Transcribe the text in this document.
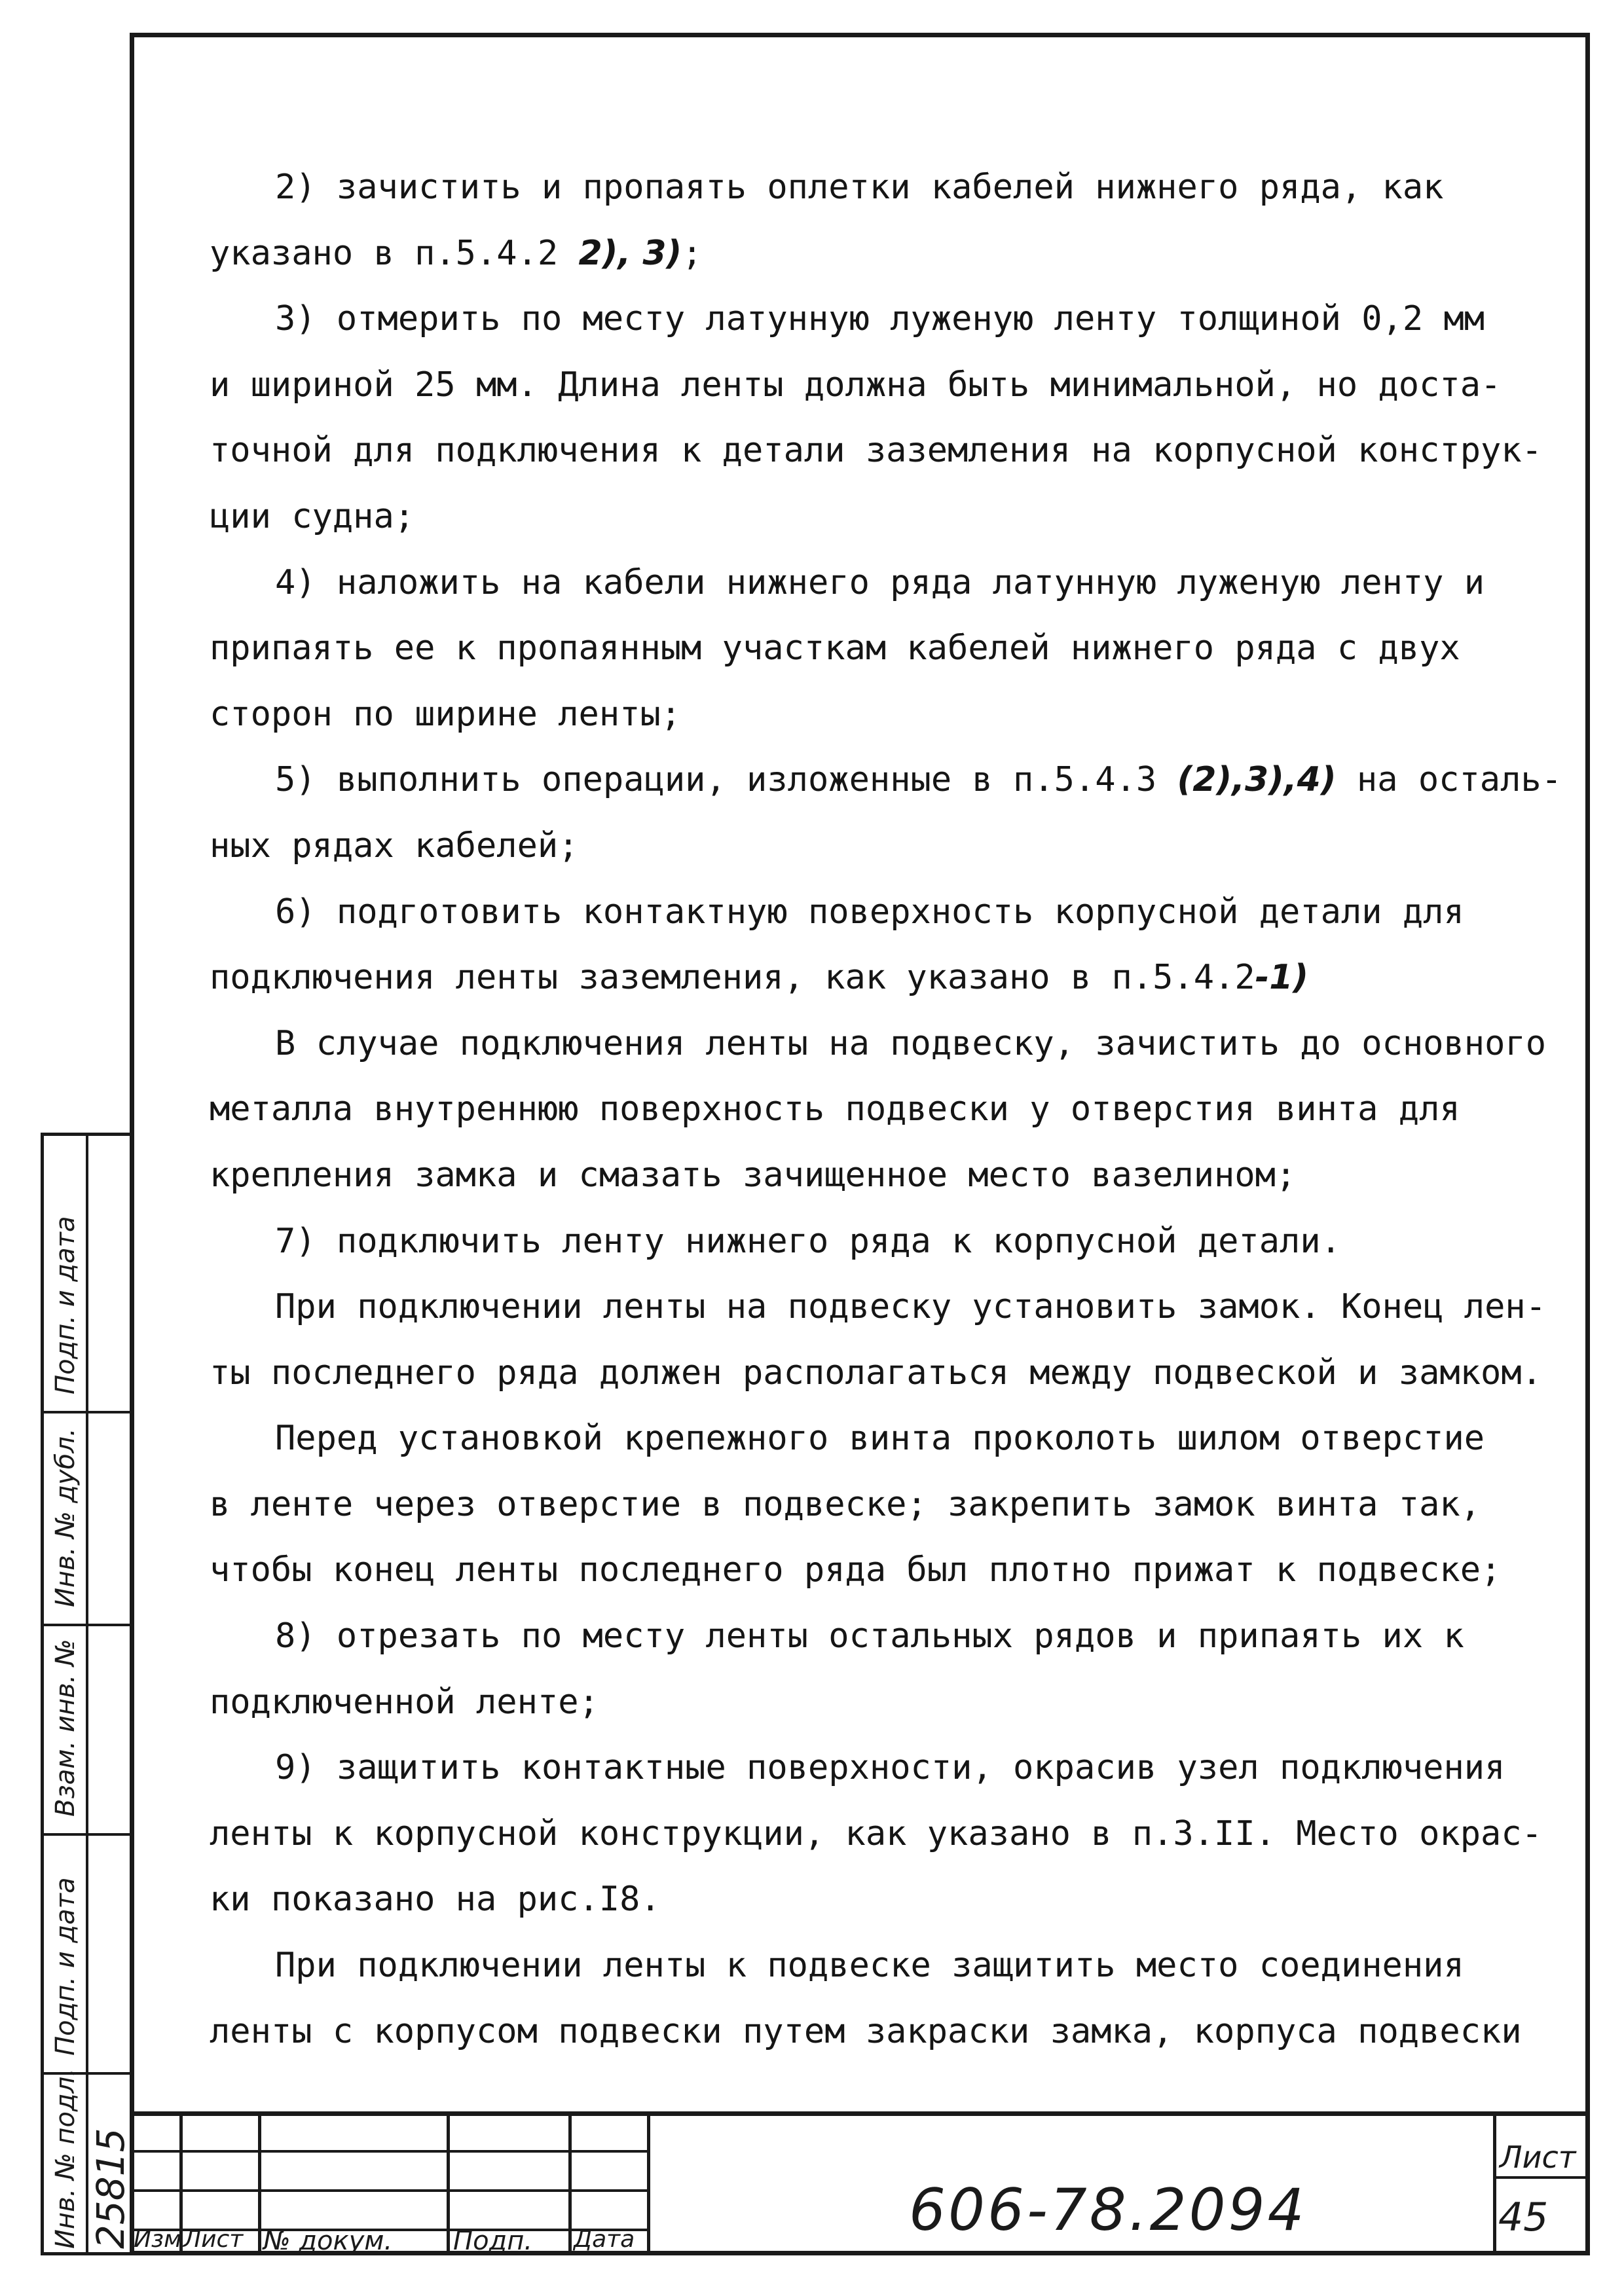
2) зачистить и пропаять оплетки кабелей нижнего ряда, как
указано в п.5.4.2 2), 3);
3) отмерить по месту латунную луженую ленту толщиной 0,2 мм
и шириной 25 мм. Длина ленты должна быть минимальной, но доста-
точной для подключения к детали заземления на корпусной конструк-
ции судна;
4) наложить на кабели нижнего ряда латунную луженую ленту и
припаять ее к пропаянным участкам кабелей нижнего ряда с двух
сторон по ширине ленты;
5) выполнить операции, изложенные в п.5.4.3 (2),3),4) на осталь-
ных рядах кабелей;
6) подготовить контактную поверхность корпусной детали для
подключения ленты заземления, как указано в п.5.4.2-1)
В случае подключения ленты на подвеску, зачистить до основного
металла внутреннюю поверхность подвески у отверстия винта для
крепления замка и смазать зачищенное место вазелином;
7) подключить ленту нижнего ряда к корпусной детали.
При подключении ленты на подвеску установить замок. Конец лен-
ты последнего ряда должен располагаться между подвеской и замком.
Перед установкой крепежного винта проколоть шилом отверстие
в ленте через отверстие в подвеске; закрепить замок винта так,
чтобы конец ленты последнего ряда был плотно прижат к подвеске;
8) отрезать по месту ленты остальных рядов и припаять их к
подключенной ленте;
9) защитить контактные поверхности, окрасив узел подключения
ленты к корпусной конструкции, как указано в п.3.II. Место окрас-
ки показано на рис.I8.
При подключении ленты к подвеске защитить место соединения
ленты с корпусом подвески путем закраски замка, корпуса подвески
Подп. и дата
Инв. № дубл.
Взам. инв. №
Подп. и дата
Инв. № подл. 25815 Изм Лист № докум. Подп. Дата	606-78.2094
Лист
45
